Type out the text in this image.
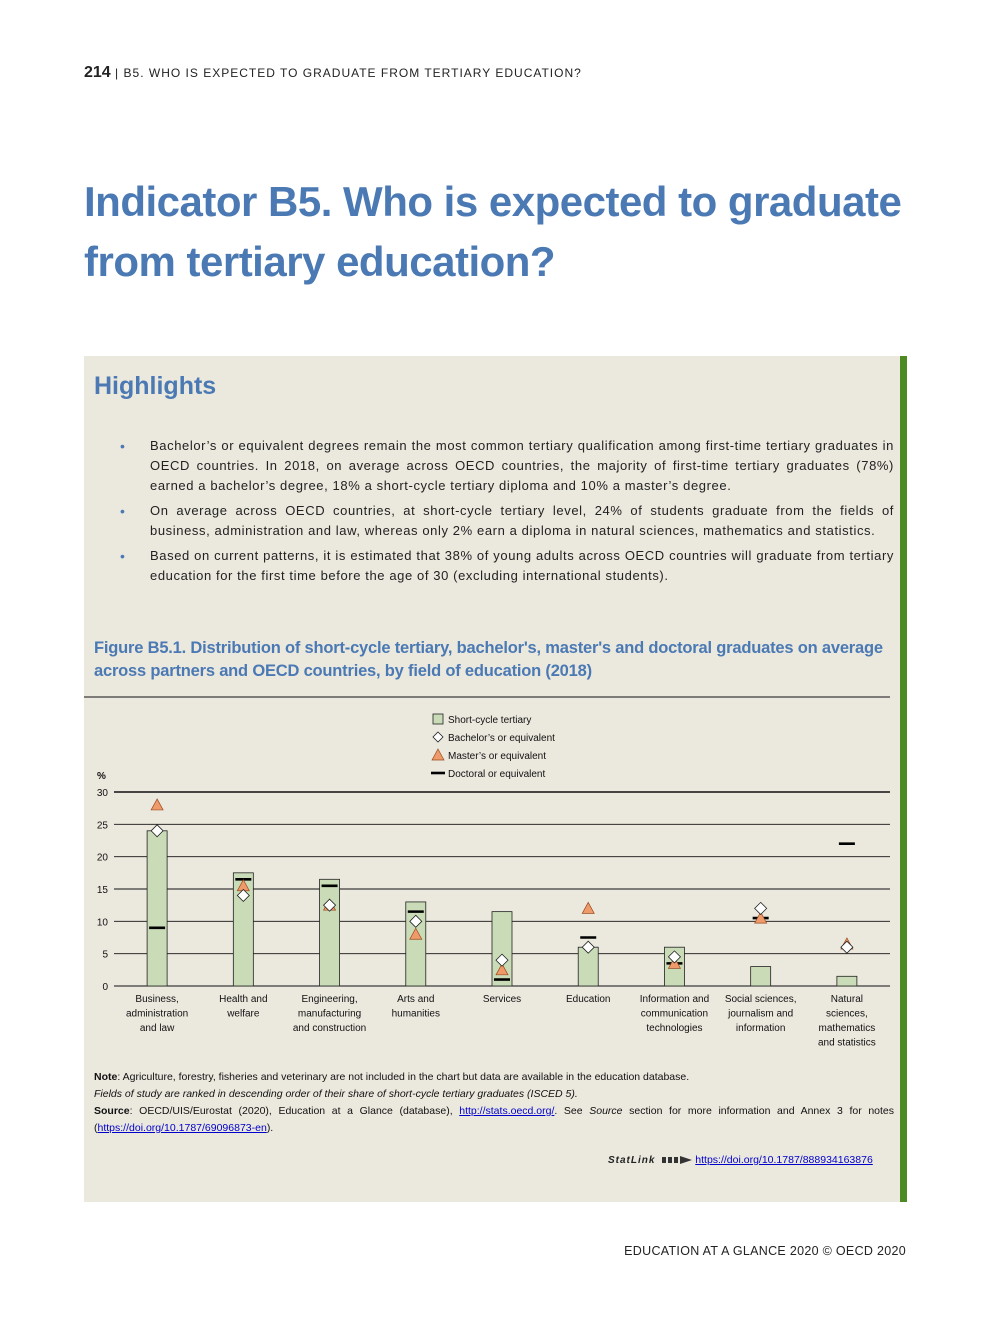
214 | B5. WHO IS EXPECTED TO GRADUATE FROM TERTIARY EDUCATION?
Indicator B5. Who is expected to graduate from tertiary education?
Highlights
• Bachelor’s or equivalent degrees remain the most common tertiary qualification among first-time tertiary graduates in OECD countries. In 2018, on average across OECD countries, the majority of first-time tertiary graduates (78%) earned a bachelor’s degree, 18% a short-cycle tertiary diploma and 10% a master’s degree.
• On average across OECD countries, at short-cycle tertiary level, 24% of students graduate from the fields of business, administration and law, whereas only 2% earn a diploma in natural sciences, mathematics and statistics.
• Based on current patterns, it is estimated that 38% of young adults across OECD countries will graduate from tertiary education for the first time before the age of 30 (excluding international students).
Figure B5.1. Distribution of short-cycle tertiary, bachelor's, master's and doctoral graduates on average across partners and OECD countries, by field of education (2018)
0
5
10
15
20
25
30
%
Business, administration and law
Health and welfare
Engineering, manufacturing and construction
Arts and humanities
Services	Education	Information and communication technologies
Social sciences, journalism and information
Natural sciences, mathematics and statistics
Short-cycle tertiary
Bachelor’s or equivalent
Master’s or equivalent
Doctoral or equivalent

Note: Agriculture, forestry, fisheries and veterinary are not included in the chart but data are available in the education database.

Fields of study are ranked in descending order of their share of short-cycle tertiary graduates (ISCED 5).

Source: OECD/UIS/Eurostat (2020), Education at a Glance (database), http://stats.oecd.org/. See Source section for more information and Annex 3 for notes (https://doi.org/10.1787/69096873-en).

StatLink	https://doi.org/10.1787/888934163876
EDUCATION AT A GLANCE 2020 © OECD 2020
